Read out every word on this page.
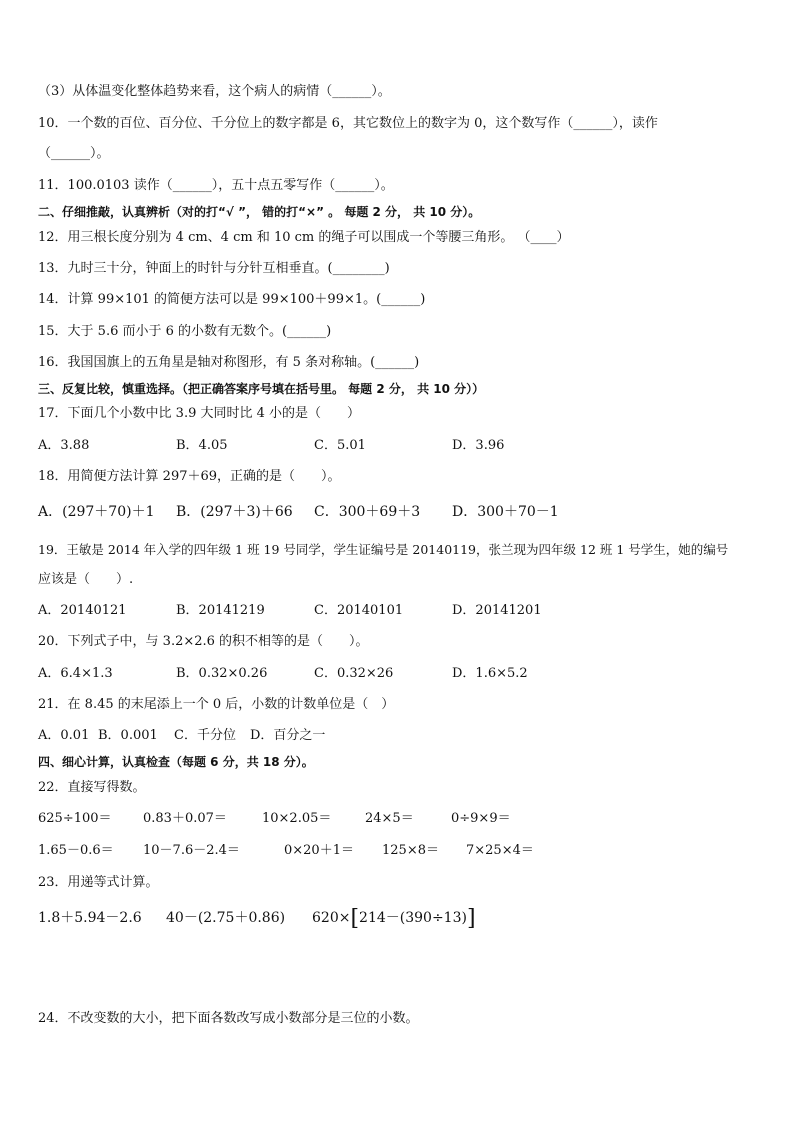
（3）从体温变化整体趋势来看，这个病人的病情（______）。
10．一个数的百位、百分位、千分位上的数字都是 6，其它数位上的数字为 0，这个数写作（______），读作
（______）。
11．100.0103 读作（______），五十点五零写作（______）。
二、仔细推敲，认真辨析（对的打“√ ”， 错的打“×” 。 每题 2 分， 共 10 分）。
12．用三根长度分别为 4 cm、4 cm 和 10 cm 的绳子可以围成一个等腰三角形。 （____）
13．九时三十分，钟面上的时针与分针互相垂直。(________)
14．计算 99×101 的简便方法可以是 99×100＋99×1。(______)
15．大于 5.6 而小于 6 的小数有无数个。(______)
16．我国国旗上的五角星是轴对称图形，有 5 条对称轴。(______)
三、反复比较，慎重选择。（把正确答案序号填在括号里。 每题 2 分， 共 10 分））
17．下面几个小数中比 3.9 大同时比 4 小的是（　　）
A．3.88	B．4.05	C．5.01	D．3.96
18．用简便方法计算 297＋69，正确的是（　　）。
A．(297＋70)＋1 B．(297＋3)＋66 C．300＋69＋3 D．300＋70－1
19．王敏是 2014 年入学的四年级 1 班 19 号同学，学生证编号是 20140119，张兰现为四年级 12 班 1 号学生，她的编号
应该是（　　）.
A．20140121	B．20141219	C．20140101	D．20141201
20．下列式子中，与 3.2×2.6 的积不相等的是（　　）。
A．6.4×1.3	B．0.32×0.26	C．0.32×26	D．1.6×5.2
21．在 8.45 的末尾添上一个 0 后，小数的计数单位是（　）
A．0.01 B．0.001 C．千分位 D．百分之一
四、细心计算，认真检查（每题 6 分，共 18 分）。
22．直接写得数。
625÷100＝ 0.83＋0.07＝	10×2.05＝	24×5＝	0÷9×9＝
1.65－0.6＝ 10－7.6－2.4＝	0×20＋1＝ 125×8＝ 7×25×4＝
23．用递等式计算。
1.8＋5.94－2.6 40－(2.75＋0.86) 620×[214－(390÷13)]
24．不改变数的大小，把下面各数改写成小数部分是三位的小数。
